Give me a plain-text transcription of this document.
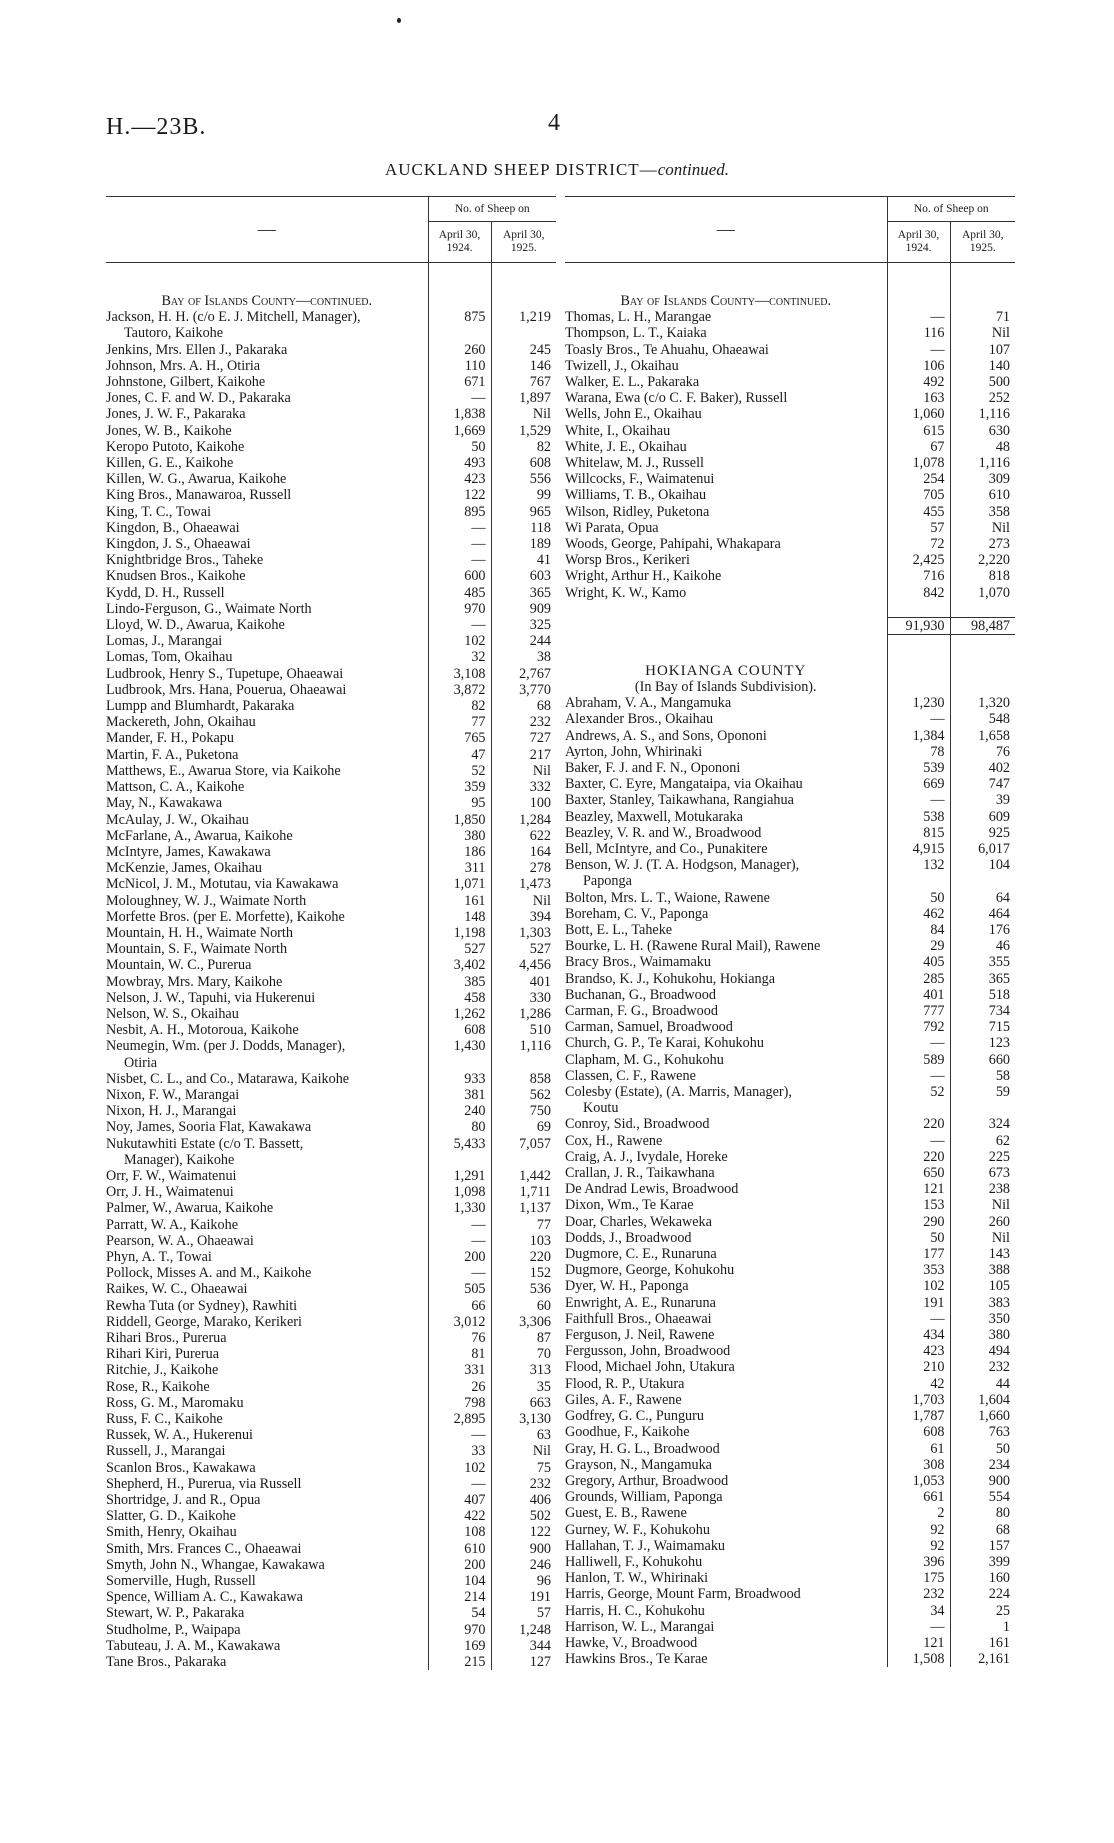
H.—23B.	4
AUCKLAND SHEEP DISTRICT—continued.
—	No. of Sheep on	
	April 30, 1924.	April 30, 1925.

Bay of Islands County—continued.		
Jackson, H. H. (c/o E. J. Mitchell, Manager),	875	1,219
Tautoro, Kaikohe		
Jenkins, Mrs. Ellen J., Pakaraka	260	245
Johnson, Mrs. A. H., Otiria	110	146
Johnstone, Gilbert, Kaikohe	671	767
Jones, C. F. and W. D., Pakaraka	—	1,897
Jones, J. W. F., Pakaraka	1,838	Nil
Jones, W. B., Kaikohe	1,669	1,529
Keropo Putoto, Kaikohe	50	82
Killen, G. E., Kaikohe	493	608
Killen, W. G., Awarua, Kaikohe	423	556
King Bros., Manawaroa, Russell	122	99
King, T. C., Towai	895	965
Kingdon, B., Ohaeawai	—	118
Kingdon, J. S., Ohaeawai	—	189
Knightbridge Bros., Taheke	—	41
Knudsen Bros., Kaikohe	600	603
Kydd, D. H., Russell	485	365
Lindo-Ferguson, G., Waimate North	970	909
Lloyd, W. D., Awarua, Kaikohe	—	325
Lomas, J., Marangai	102	244
Lomas, Tom, Okaihau	32	38
Ludbrook, Henry S., Tupetupe, Ohaeawai	3,108	2,767
Ludbrook, Mrs. Hana, Pouerua, Ohaeawai	3,872	3,770
Lumpp and Blumhardt, Pakaraka	82	68
Mackereth, John, Okaihau	77	232
Mander, F. H., Pokapu	765	727
Martin, F. A., Puketona	47	217
Matthews, E., Awarua Store, via Kaikohe	52	Nil
Mattson, C. A., Kaikohe	359	332
May, N., Kawakawa	95	100
McAulay, J. W., Okaihau	1,850	1,284
McFarlane, A., Awarua, Kaikohe	380	622
McIntyre, James, Kawakawa	186	164
McKenzie, James, Okaihau	311	278
McNicol, J. M., Motutau, via Kawakawa	1,071	1,473
Moloughney, W. J., Waimate North	161	Nil
Morfette Bros. (per E. Morfette), Kaikohe	148	394
Mountain, H. H., Waimate North	1,198	1,303
Mountain, S. F., Waimate North	527	527
Mountain, W. C., Purerua	3,402	4,456
Mowbray, Mrs. Mary, Kaikohe	385	401
Nelson, J. W., Tapuhi, via Hukerenui	458	330
Nelson, W. S., Okaihau	1,262	1,286
Nesbit, A. H., Motoroua, Kaikohe	608	510
Neumegin, Wm. (per J. Dodds, Manager),	1,430	1,116
Otiria		
Nisbet, C. L., and Co., Matarawa, Kaikohe	933	858
Nixon, F. W., Marangai	381	562
Nixon, H. J., Marangai	240	750
Noy, James, Sooria Flat, Kawakawa	80	69
Nukutawhiti Estate (c/o T. Bassett,	5,433	7,057
Manager), Kaikohe		
Orr, F. W., Waimatenui	1,291	1,442
Orr, J. H., Waimatenui	1,098	1,711
Palmer, W., Awarua, Kaikohe	1,330	1,137
Parratt, W. A., Kaikohe	—	77
Pearson, W. A., Ohaeawai	—	103
Phyn, A. T., Towai	200	220
Pollock, Misses A. and M., Kaikohe	—	152
Raikes, W. C., Ohaeawai	505	536
Rewha Tuta (or Sydney), Rawhiti	66	60
Riddell, George, Marako, Kerikeri	3,012	3,306
Rihari Bros., Purerua	76	87
Rihari Kiri, Purerua	81	70
Ritchie, J., Kaikohe	331	313
Rose, R., Kaikohe	26	35
Ross, G. M., Maromaku	798	663
Russ, F. C., Kaikohe	2,895	3,130
Russek, W. A., Hukerenui	—	63
Russell, J., Marangai	33	Nil
Scanlon Bros., Kawakawa	102	75
Shepherd, H., Purerua, via Russell	—	232
Shortridge, J. and R., Opua	407	406
Slatter, G. D., Kaikohe	422	502
Smith, Henry, Okaihau	108	122
Smith, Mrs. Frances C., Ohaeawai	610	900
Smyth, John N., Whangae, Kawakawa	200	246
Somerville, Hugh, Russell	104	96
Spence, William A. C., Kawakawa	214	191
Stewart, W. P., Pakaraka	54	57
Studholme, P., Waipapa	970	1,248
Tabuteau, J. A. M., Kawakawa	169	344
Tane Bros., Pakaraka	215	127
—	No. of Sheep on	
	April 30, 1924.	April 30, 1925.

Bay of Islands County—continued.		
Thomas, L. H., Marangae	—	71
Thompson, L. T., Kaiaka	116	Nil
Toasly Bros., Te Ahuahu, Ohaeawai	—	107
Twizell, J., Okaihau	106	140
Walker, E. L., Pakaraka	492	500
Warana, Ewa (c/o C. F. Baker), Russell	163	252
Wells, John E., Okaihau	1,060	1,116
White, I., Okaihau	615	630
White, J. E., Okaihau	67	48
Whitelaw, M. J., Russell	1,078	1,116
Willcocks, F., Waimatenui	254	309
Williams, T. B., Okaihau	705	610
Wilson, Ridley, Puketona	455	358
Wi Parata, Opua	57	Nil
Woods, George, Pahipahi, Whakapara	72	273
Worsp Bros., Kerikeri	2,425	2,220
Wright, Arthur H., Kaikohe	716	818
Wright, K. W., Kamo	842	1,070

	91,930	98,487

HOKIANGA COUNTY		
(In Bay of Islands Subdivision).		
Abraham, V. A., Mangamuka	1,230	1,320
Alexander Bros., Okaihau	—	548
Andrews, A. S., and Sons, Opononi	1,384	1,658
Ayrton, John, Whirinaki	78	76
Baker, F. J. and F. N., Opononi	539	402
Baxter, C. Eyre, Mangataipa, via Okaihau	669	747
Baxter, Stanley, Taikawhana, Rangiahua	—	39
Beazley, Maxwell, Motukaraka	538	609
Beazley, V. R. and W., Broadwood	815	925
Bell, McIntyre, and Co., Punakitere	4,915	6,017
Benson, W. J. (T. A. Hodgson, Manager),	132	104
Paponga		
Bolton, Mrs. L. T., Waione, Rawene	50	64
Boreham, C. V., Paponga	462	464
Bott, E. L., Taheke	84	176
Bourke, L. H. (Rawene Rural Mail), Rawene	29	46
Bracy Bros., Waimamaku	405	355
Brandso, K. J., Kohukohu, Hokianga	285	365
Buchanan, G., Broadwood	401	518
Carman, F. G., Broadwood	777	734
Carman, Samuel, Broadwood	792	715
Church, G. P., Te Karai, Kohukohu	—	123
Clapham, M. G., Kohukohu	589	660
Classen, C. F., Rawene	—	58
Colesby (Estate), (A. Marris, Manager),	52	59
Koutu		
Conroy, Sid., Broadwood	220	324
Cox, H., Rawene	—	62
Craig, A. J., Ivydale, Horeke	220	225
Crallan, J. R., Taikawhana	650	673
De Andrad Lewis, Broadwood	121	238
Dixon, Wm., Te Karae	153	Nil
Doar, Charles, Wekaweka	290	260
Dodds, J., Broadwood	50	Nil
Dugmore, C. E., Runaruna	177	143
Dugmore, George, Kohukohu	353	388
Dyer, W. H., Paponga	102	105
Enwright, A. E., Runaruna	191	383
Faithfull Bros., Ohaeawai	—	350
Ferguson, J. Neil, Rawene	434	380
Fergusson, John, Broadwood	423	494
Flood, Michael John, Utakura	210	232
Flood, R. P., Utakura	42	44
Giles, A. F., Rawene	1,703	1,604
Godfrey, G. C., Punguru	1,787	1,660
Goodhue, F., Kaikohe	608	763
Gray, H. G. L., Broadwood	61	50
Grayson, N., Mangamuka	308	234
Gregory, Arthur, Broadwood	1,053	900
Grounds, William, Paponga	661	554
Guest, E. B., Rawene	2	80
Gurney, W. F., Kohukohu	92	68
Hallahan, T. J., Waimamaku	92	157
Halliwell, F., Kohukohu	396	399
Hanlon, T. W., Whirinaki	175	160
Harris, George, Mount Farm, Broadwood	232	224
Harris, H. C., Kohukohu	34	25
Harrison, W. L., Marangai	—	1
Hawke, V., Broadwood	121	161
Hawkins Bros., Te Karae	1,508	2,161
